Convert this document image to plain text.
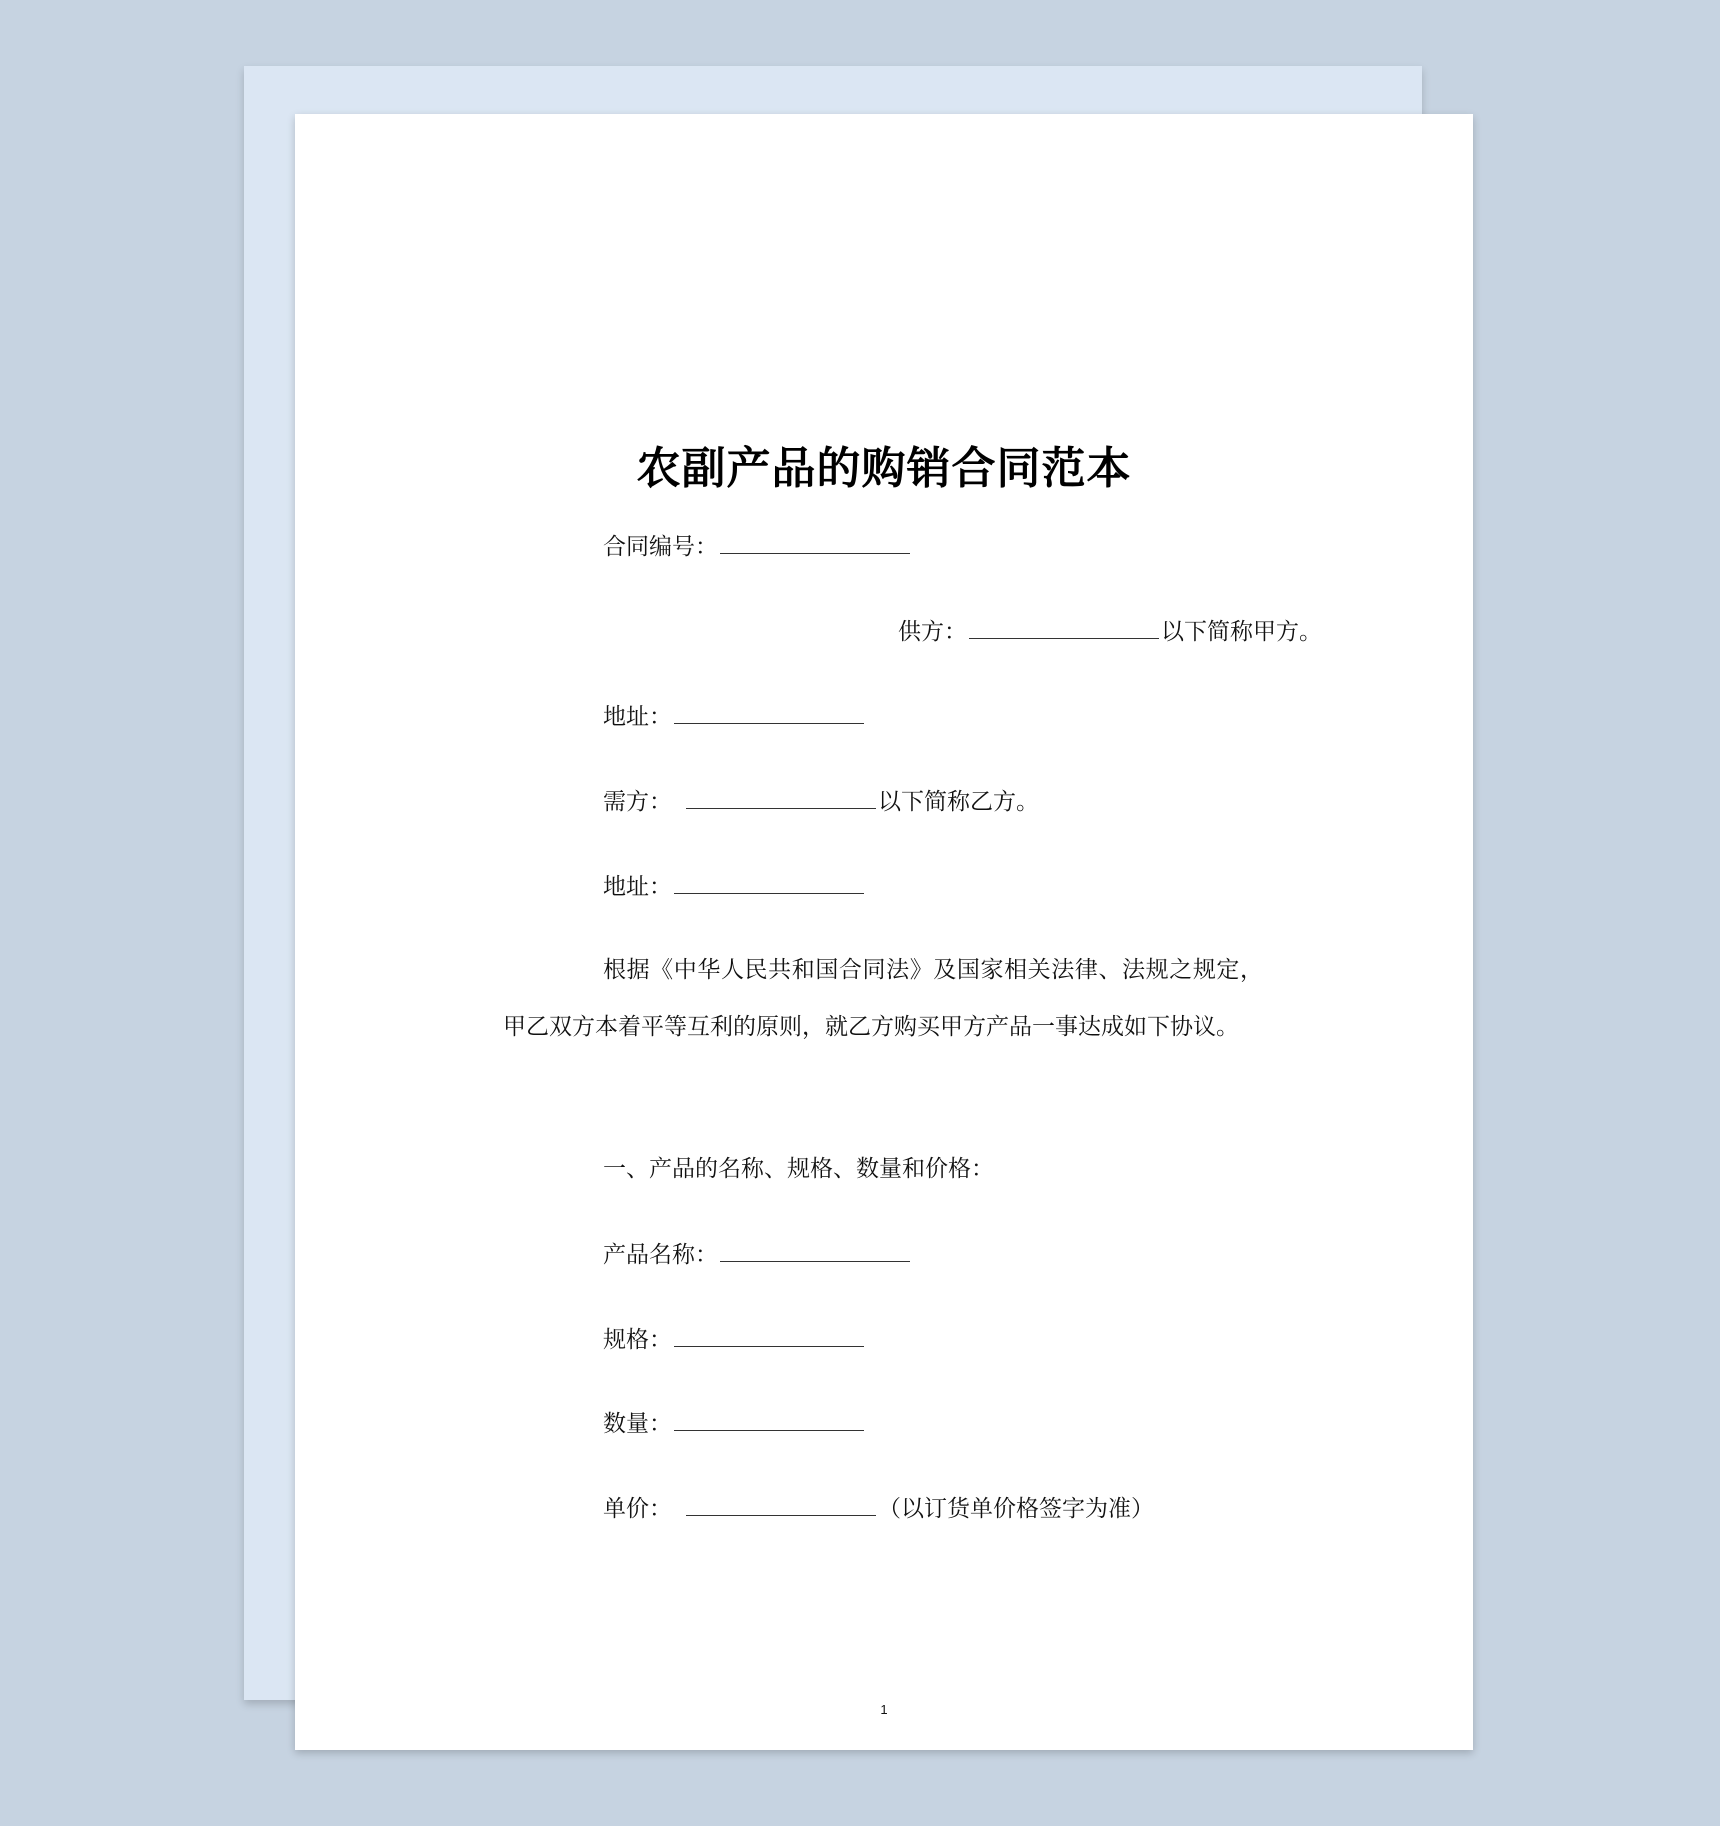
农副产品的购销合同范本
合同编号：
供方：	以下简称甲方。
地址：
需方：	以下简称乙方。
地址：
根据《中华人民共和国合同法》及国家相关法律、法规之规定，甲乙双方本着平等互利的原则，就乙方购买甲方产品一事达成如下协议。
一、产品的名称、规格、数量和价格：
产品名称：
规格：
数量：
单价：	（以订货单价格签字为准）
1
